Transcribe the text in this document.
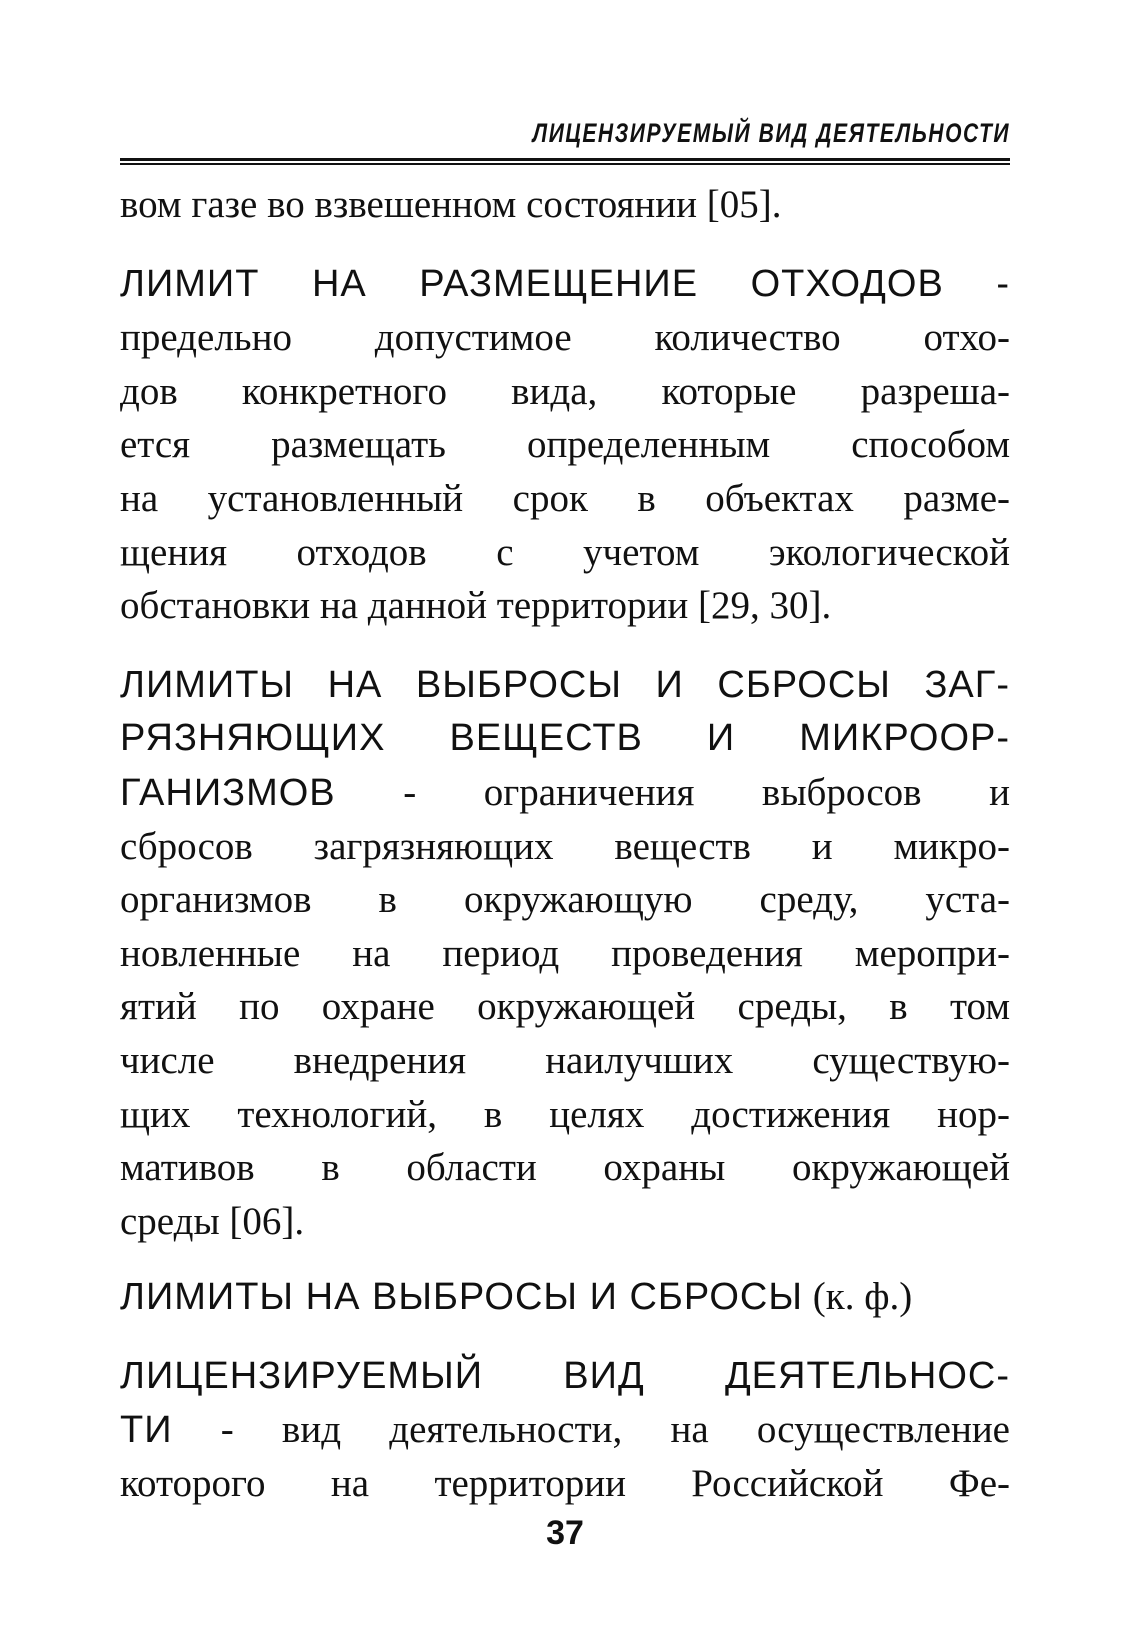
ЛИЦЕНЗИРУЕМЫЙ ВИД ДЕЯТЕЛЬНОСТИ
вом газе во взвешенном состоянии [05].
ЛИМИТ НА РАЗМЕЩЕНИЕ ОТХОДОВ -
предельно допустимое количество отхо-
дов конкретного вида, которые разреша-
ется размещать определенным способом
на установленный срок в объектах разме-
щения отходов с учетом экологической
обстановки на данной территории [29, 30].
ЛИМИТЫ НА ВЫБРОСЫ И СБРОСЫ ЗАГ-
РЯЗНЯЮЩИХ ВЕЩЕСТВ И МИКРООР-
ГАНИЗМОВ - ограничения выбросов и
сбросов загрязняющих веществ и микро-
организмов в окружающую среду, уста-
новленные на период проведения меропри-
ятий по охране окружающей среды, в том
числе внедрения наилучших существую-
щих технологий, в целях достижения нор-
мативов в области охраны окружающей
среды [06].
ЛИМИТЫ НА ВЫБРОСЫ И СБРОСЫ (к. ф.)
ЛИЦЕНЗИРУЕМЫЙ ВИД ДЕЯТЕЛЬНОС-
ТИ - вид деятельности, на осуществление
которого на территории Российской Фе-
37
